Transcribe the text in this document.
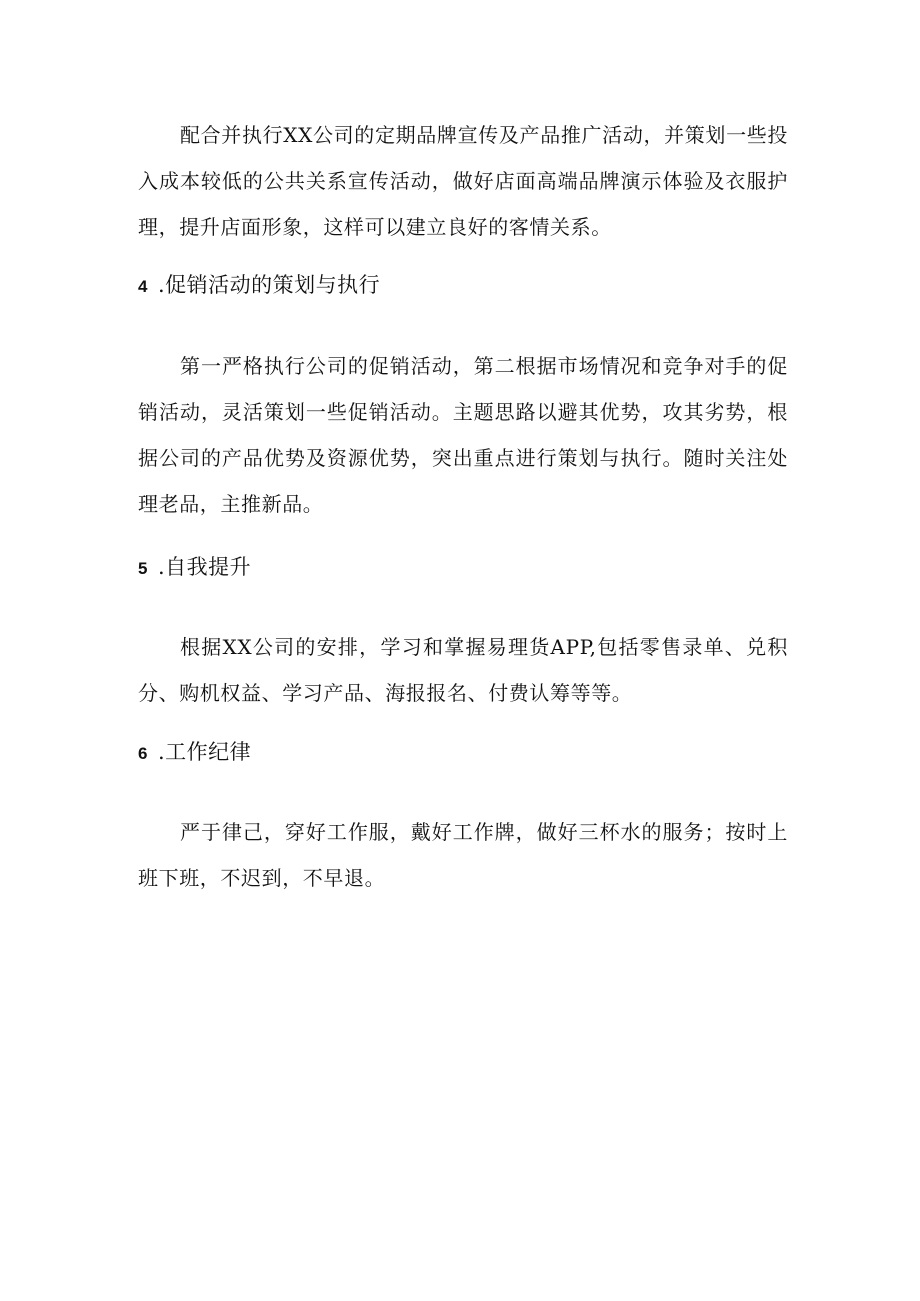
配合并执行XX公司的定期品牌宣传及产品推广活动，并策划一些投入成本较低的公共关系宣传活动，做好店面高端品牌演示体验及衣服护理，提升店面形象，这样可以建立良好的客情关系。

4 .促销活动的策划与执行

第一严格执行公司的促销活动，第二根据市场情况和竞争对手的促销活动，灵活策划一些促销活动。主题思路以避其优势，攻其劣势，根据公司的产品优势及资源优势，突出重点进行策划与执行。随时关注处理老品，主推新品。

5 .自我提升

根据XX公司的安排，学习和掌握易理货APP,包括零售录单、兑积分、购机权益、学习产品、海报报名、付费认筹等等。

6 .工作纪律

严于律己，穿好工作服，戴好工作牌，做好三杯水的服务；按时上班下班，不迟到，不早退。
